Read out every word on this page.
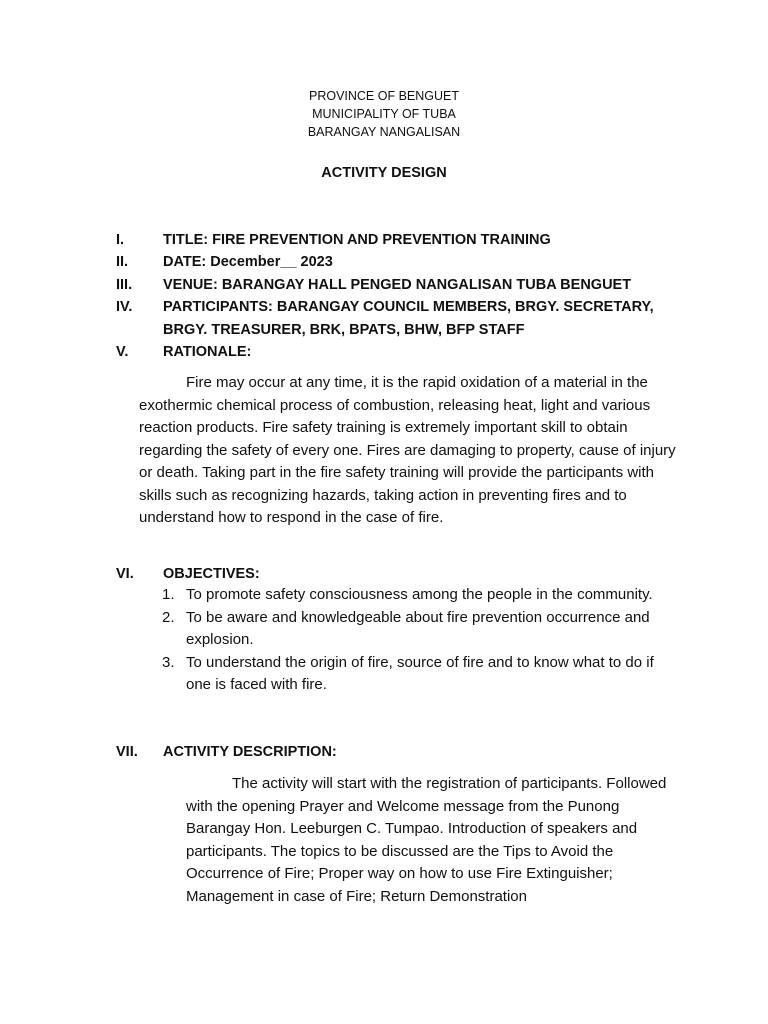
PROVINCE OF BENGUET
MUNICIPALITY OF TUBA
BARANGAY NANGALISAN
ACTIVITY DESIGN
I.	TITLE: FIRE PREVENTION AND PREVENTION TRAINING
II. DATE: December__ 2023
III. VENUE: BARANGAY HALL PENGED NANGALISAN TUBA BENGUET
IV. PARTICIPANTS: BARANGAY COUNCIL MEMBERS, BRGY. SECRETARY, BRGY. TREASURER, BRK, BPATS, BHW, BFP STAFF
V. RATIONALE:
Fire may occur at any time, it is the rapid oxidation of a material in the exothermic chemical process of combustion, releasing heat, light and various reaction products. Fire safety training is extremely important skill to obtain regarding the safety of every one. Fires are damaging to property, cause of injury or death. Taking part in the fire safety training will provide the participants with skills such as recognizing hazards, taking action in preventing fires and to understand how to respond in the case of fire.
VI. OBJECTIVES:
1. To promote safety consciousness among the people in the community.
2. To be aware and knowledgeable about fire prevention occurrence and explosion.
3. To understand the origin of fire, source of fire and to know what to do if one is faced with fire.
VII. ACTIVITY DESCRIPTION:
The activity will start with the registration of participants. Followed with the opening Prayer and Welcome message from the Punong Barangay Hon. Leeburgen C. Tumpao. Introduction of speakers and participants. The topics to be discussed are the Tips to Avoid the Occurrence of Fire; Proper way on how to use Fire Extinguisher; Management in case of Fire; Return Demonstration
